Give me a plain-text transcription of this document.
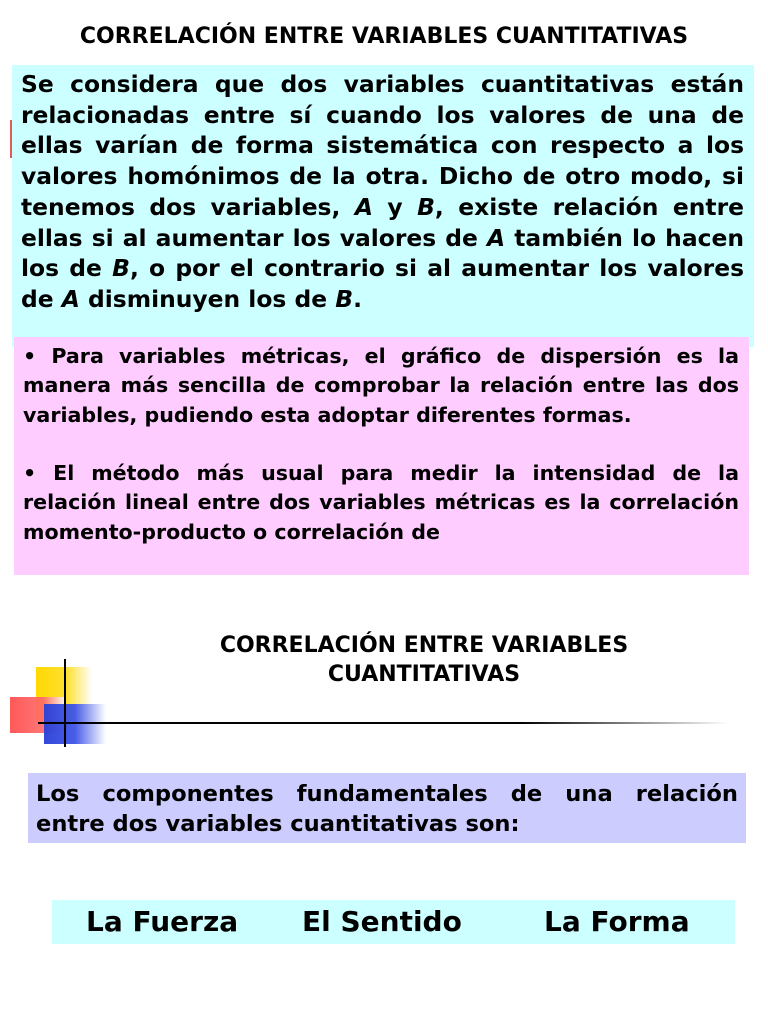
CORRELACIÓN ENTRE VARIABLES CUANTITATIVAS
Se considera que dos variables cuantitativas están relacionadas entre sí cuando los valores de una de ellas varían de forma sistemática con respecto a los valores homónimos de la otra. Dicho de otro modo, si tenemos dos variables, A y B, existe relación entre ellas si al aumentar los valores de A también lo hacen los de B, o por el contrario si al aumentar los valores de A disminuyen los de B.

• Para variables métricas, el gráfico de dispersión es la manera más sencilla de comprobar la relación entre las dos variables, pudiendo esta adoptar diferentes formas.

• El método más usual para medir la intensidad de la relación lineal entre dos variables métricas es la correlación momento-producto o correlación de

CORRELACIÓN ENTRE VARIABLES
CUANTITATIVAS
Los componentes fundamentales de una relación entre dos variables cuantitativas son:
La Fuerza El Sentido	La Forma
